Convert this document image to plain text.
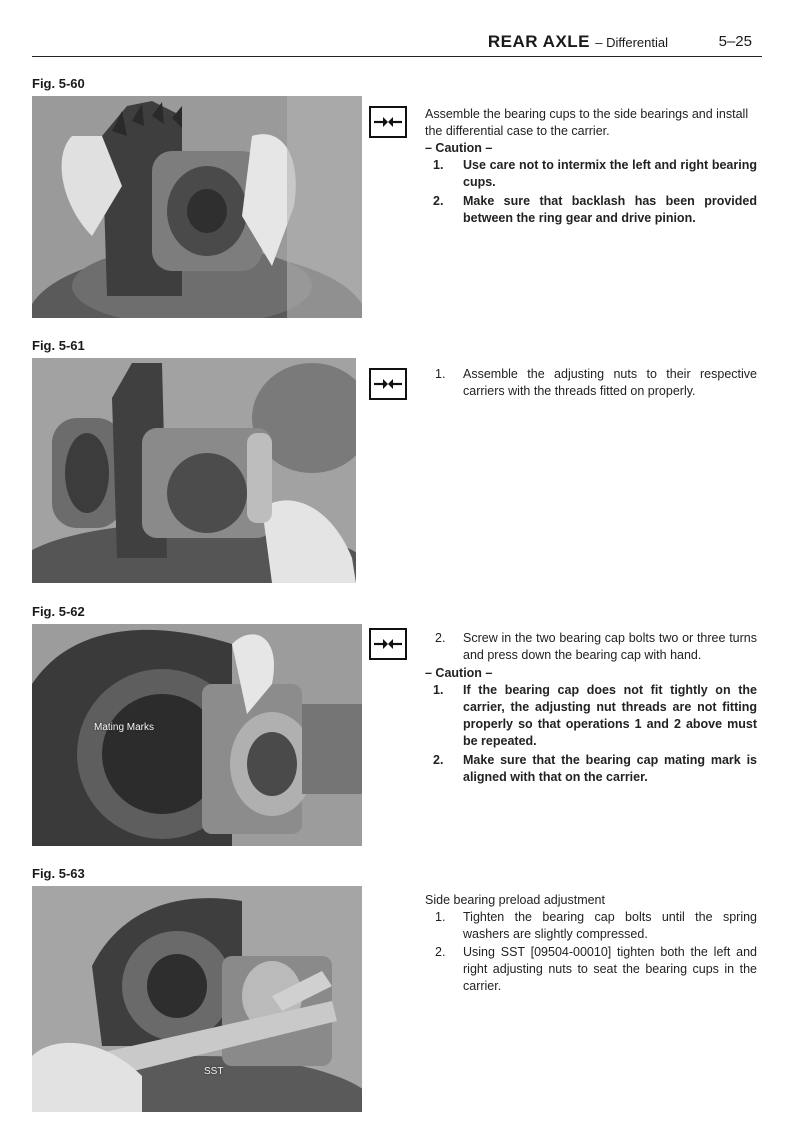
REAR AXLE – Differential	5–25
Fig. 5-60

Assemble the bearing cups to the side bearings and install the differential case to the carrier.

– Caution –

1. Use care not to intermix the left and right bearing cups.
2. Make sure that backlash has been provided between the ring gear and drive pinion.
Fig. 5-61
1. Assemble the adjusting nuts to their respective carriers with the threads fitted on properly.
Fig. 5-62
Mating Marks
2. Screw in the two bearing cap bolts two or three turns and press down the bearing cap with hand.

– Caution –

1. If the bearing cap does not fit tightly on the carrier, the adjusting nut threads are not fitting properly so that operations 1 and 2 above must be repeated.
2. Make sure that the bearing cap mating mark is aligned with that on the carrier.
Fig. 5-63
SST

Side bearing preload adjustment

1. Tighten the bearing cap bolts until the spring washers are slightly compressed.
2. Using SST [09504-00010] tighten both the left and right adjusting nuts to seat the bearing cups in the carrier.
